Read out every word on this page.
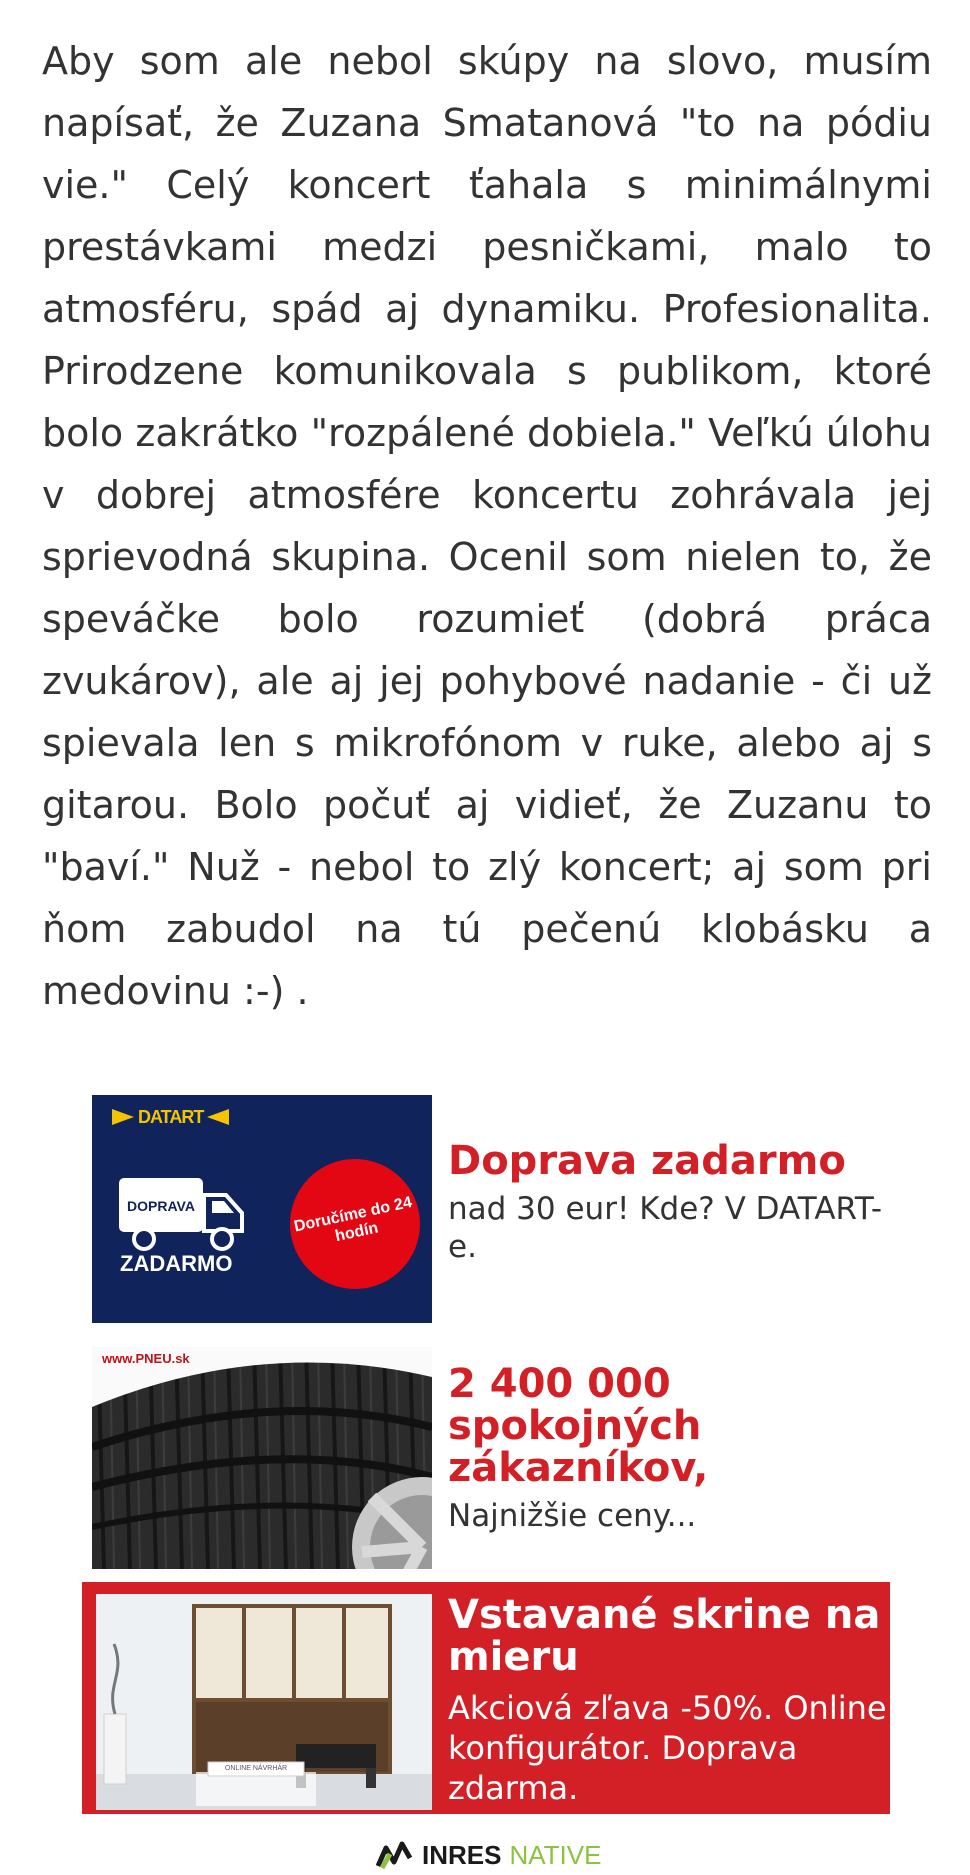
Aby som ale nebol skúpy na slovo, musím napísať, že Zuzana Smatanová "to na pódiu vie." Celý koncert ťahala s minimálnymi prestávkami medzi pesničkami, malo to atmosféru, spád aj dynamiku. Profesionalita. Prirodzene komunikovala s publikom, ktoré bolo zakrátko "rozpálené dobiela." Veľkú úlohu v dobrej atmosfére koncertu zohrávala jej sprievodná skupina. Ocenil som nielen to, že speváčke bolo rozumieť (dobrá práca zvukárov), ale aj jej pohybové nadanie - či už spievala len s mikrofónom v ruke, alebo aj s gitarou. Bolo počuť aj vidieť, že Zuzanu to "baví." Nuž - nebol to zlý koncert; aj som pri ňom zabudol na tú pečenú klobásku a medovinu :-) .

DATART
DOPRAVA
ZADARMO
Doručíme do 24 hodín
Doprava zadarmo
nad 30 eur! Kde? V DATART-e.
www.PNEU.sk
2 400 000 spokojných zákazníkov,
Najnižšie ceny...
ONLINE NÁVRHÁR
Vstavané skrine na mieru
Akciová zľava -50%. Online konfigurátor. Doprava zdarma.
INRES NATIVE
